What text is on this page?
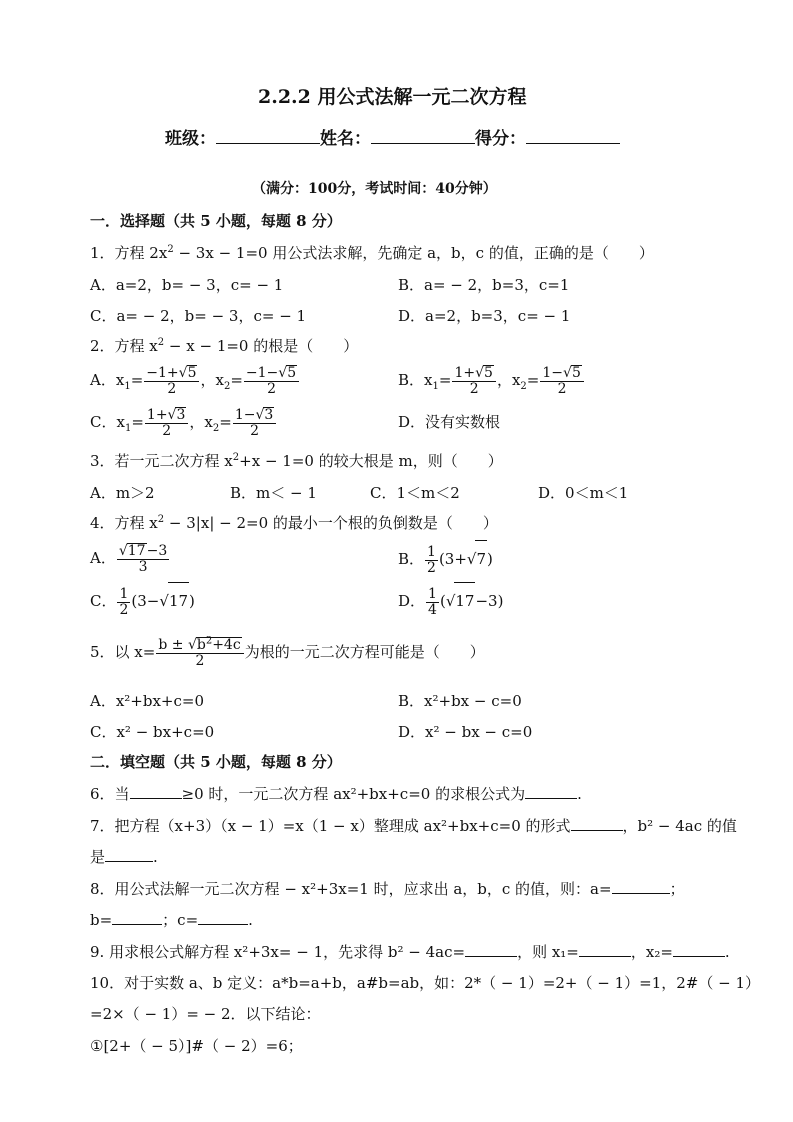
2.2.2 用公式法解一元二次方程
班级：	姓名：	得分：
（满分：100分，考试时间：40分钟）
一．选择题（共 5 小题，每题 8 分）
1．方程 $2x^2 - 3x - 1=0$ 用公式法求解，先确定 a，b，c 的值，正确的是（　　）
A．a=2，b= − 3，c= − 1	B．a= − 2，b=3，c=1
C．a= − 2，b= − 3，c= − 1	D．a=2，b=3，c= − 1
2．方程 $x^2 - x - 1=0$ 的根是（　　）
A．$x_1= \frac{-1+√5}{2}$ ，$x_2= \frac{-1-√5}{2}$	B．$x_1= \frac{1+√5}{2}$ ，$x_2= \frac{1-√5}{2}$
C．$x_1= \frac{1+√3}{2}$ ，$x_2= \frac{1-√3}{2}$	D．没有实数根
3．若一元二次方程 $x^2+x - 1=0$ 的较大根是 m，则（　　）
A．m＞2	B．m＜ − 1	C．1＜m＜2	D．0＜m＜1
4．方程 $x^2 - 3|x| - 2=0$ 的最小一个根的负倒数是（　　）
A． $\frac{√17-3}{3}$	B． $\frac{1}{2} (3+√7)$
C． $\frac{1}{2} (3-√17)$	D． $\frac{1}{4} (√17-3)$
5．以 $x= \frac{b \pm √b^2+4c}{2}$ 为根的一元二次方程可能是（　　）
A．x²+bx+c=0	B．x²+bx − c=0
C．x² − bx+c=0	D．x² − bx − c=0
二．填空题（共 5 小题，每题 8 分）
6．当	≥0 时，一元二次方程 ax²+bx+c=0 的求根公式为	.
7．把方程（x+3）（x − 1）=x（1 − x）整理成 ax²+bx+c=0 的形式	，b² − 4ac 的值
是	.
8．用公式法解一元二次方程 − x²+3x=1 时，应求出 a，b，c 的值，则：a=	；
b=	；c=	.
9. 用求根公式解方程 x²+3x= − 1，先求得 b² − 4ac=	，则 x₁=	，x₂=	.
10．对于实数 a、b 定义：a*b=a+b，a#b=ab，如：2*（ − 1）=2+（ − 1）=1，2#（ − 1）
=2×（ − 1）= − 2．以下结论：
①[2+（ − 5）]#（ − 2）=6；
